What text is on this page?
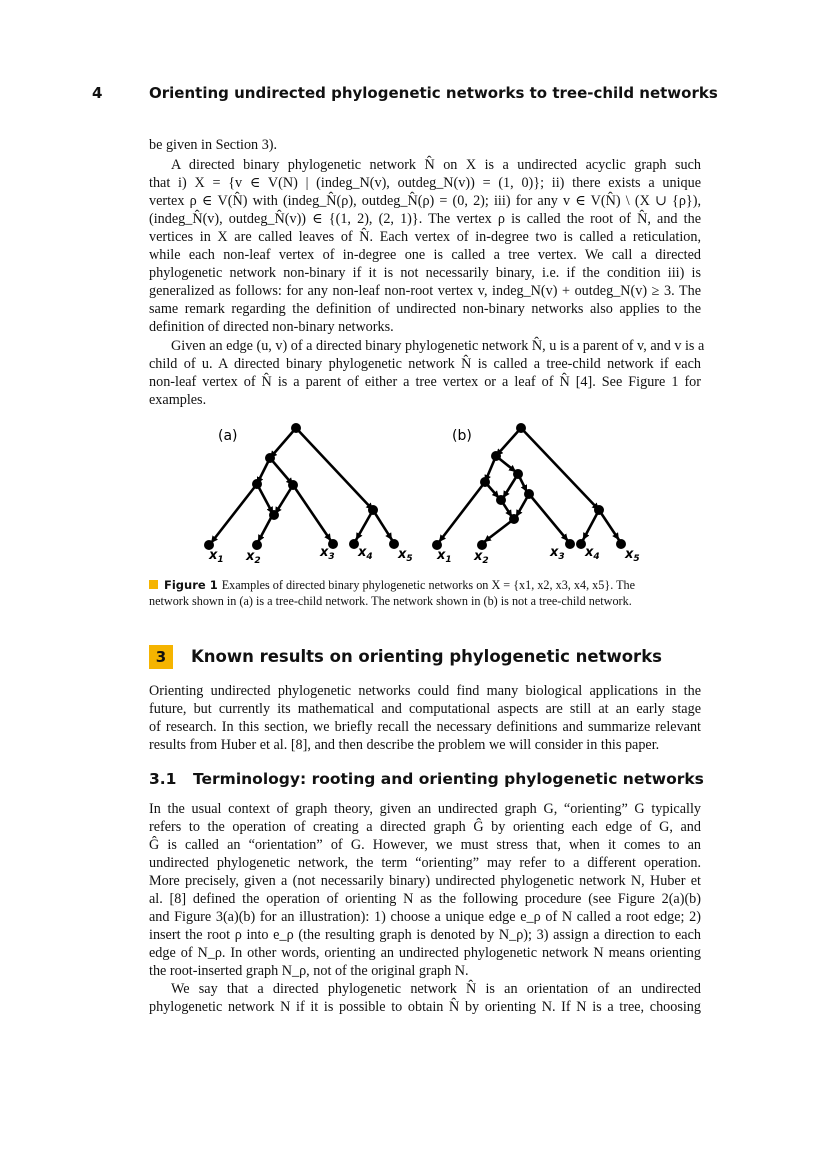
4	Orienting undirected phylogenetic networks to tree-child networks
be given in Section 3).
A directed binary phylogenetic network N̂ on X is a undirected acyclic graph such
that i) X = {v ∈ V(N) | (indeg_N(v), outdeg_N(v)) = (1, 0)}; ii) there exists a unique
vertex ρ ∈ V(N̂) with (indeg_N̂(ρ), outdeg_N̂(ρ) = (0, 2); iii) for any v ∈ V(N̂) \ (X ∪ {ρ}),
(indeg_N̂(v), outdeg_N̂(v)) ∈ {(1, 2), (2, 1)}. The vertex ρ is called the root of N̂, and the
vertices in X are called leaves of N̂. Each vertex of in-degree two is called a reticulation,
while each non-leaf vertex of in-degree one is called a tree vertex. We call a directed
phylogenetic network non-binary if it is not necessarily binary, i.e. if the condition iii) is
generalized as follows: for any non-leaf non-root vertex v, indeg_N(v) + outdeg_N(v) ≥ 3. The
same remark regarding the definition of undirected non-binary networks also applies to the
definition of directed non-binary networks.
Given an edge (u, v) of a directed binary phylogenetic network N̂, u is a parent of v, and v is a
child of u. A directed binary phylogenetic network N̂ is called a tree-child network if each
non-leaf vertex of N̂ is a parent of either a tree vertex or a leaf of N̂ [4]. See Figure 1 for
examples.
(a)	(b)
$x_1$ $x_2$
$x_3$ $x_4$ $x_5$ $x_1$ $x_2$
$x_3$ $x_4$ $x_5$
Figure 1 Examples of directed binary phylogenetic networks on X = {x1, x2, x3, x4, x5}. The
network shown in (a) is a tree-child network. The network shown in (b) is not a tree-child network.
3	Known results on orienting phylogenetic networks
Orienting undirected phylogenetic networks could find many biological applications in the
future, but currently its mathematical and computational aspects are still at an early stage
of research. In this section, we briefly recall the necessary definitions and summarize relevant
results from Huber et al. [8], and then describe the problem we will consider in this paper.
3.1 Terminology: rooting and orienting phylogenetic networks
In the usual context of graph theory, given an undirected graph G, “orienting” G typically
refers to the operation of creating a directed graph Ĝ by orienting each edge of G, and
Ĝ is called an “orientation” of G. However, we must stress that, when it comes to an
undirected phylogenetic network, the term “orienting” may refer to a different operation.
More precisely, given a (not necessarily binary) undirected phylogenetic network N, Huber et
al. [8] defined the operation of orienting N as the following procedure (see Figure 2(a)(b)
and Figure 3(a)(b) for an illustration): 1) choose a unique edge e_ρ of N called a root edge; 2)
insert the root ρ into e_ρ (the resulting graph is denoted by N_ρ); 3) assign a direction to each
edge of N_ρ. In other words, orienting an undirected phylogenetic network N means orienting
the root-inserted graph N_ρ, not of the original graph N.
We say that a directed phylogenetic network N̂ is an orientation of an undirected
phylogenetic network N if it is possible to obtain N̂ by orienting N. If N is a tree, choosing
